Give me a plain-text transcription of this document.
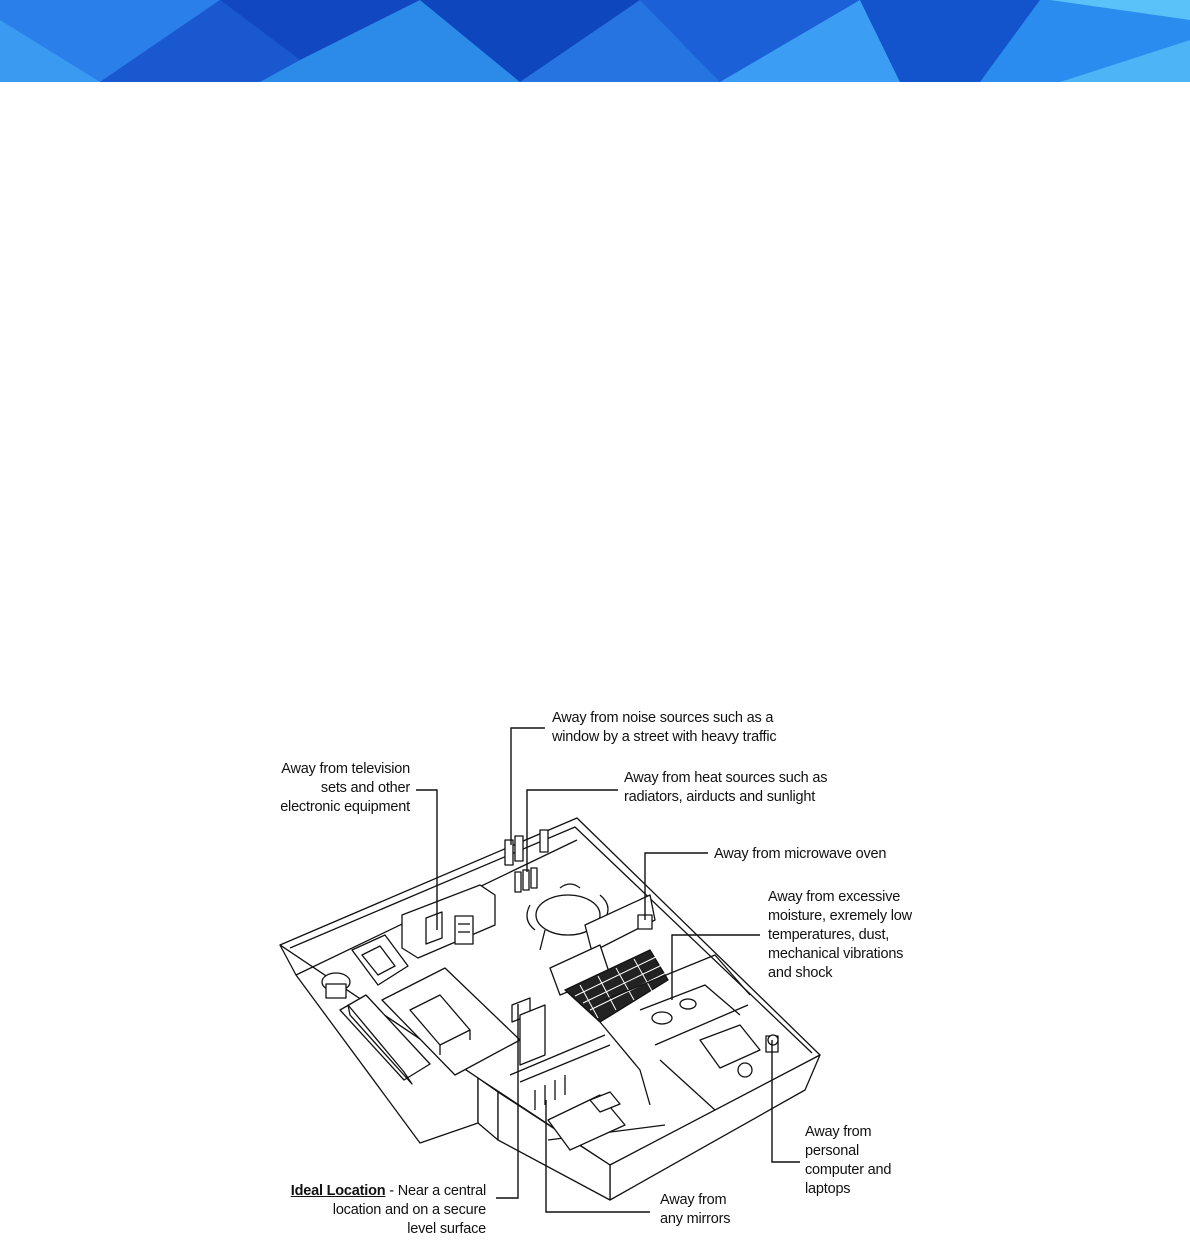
Away from noise sources such as a
window by a street with heavy traffic
Away from television
sets and other
electronic equipment
Away from heat sources such as
radiators, airducts and sunlight
Away from microwave oven
Away from excessive
moisture, exremely low
temperatures, dust,
mechanical vibrations
and shock
Away from
personal
computer and
laptops
Away from
any mirrors
Ideal Location - Near a central
location and on a secure
level surface
